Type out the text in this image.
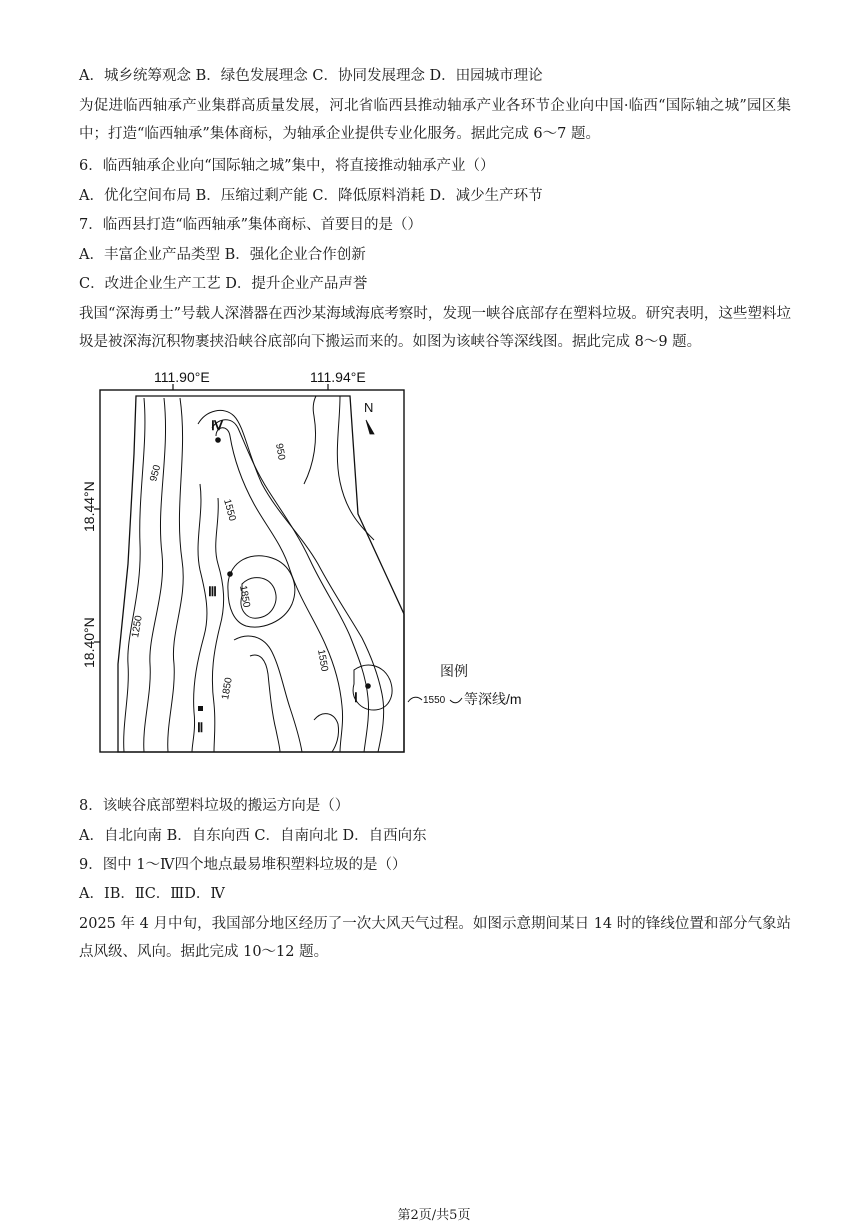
A．城乡统筹观念 B．绿色发展理念 C．协同发展理念 D．田园城市理论
为促进临西轴承产业集群高质量发展，河北省临西县推动轴承产业各环节企业向中国·临西“国际轴之城”园区集中；打造“临西轴承”集体商标，为轴承企业提供专业化服务。据此完成 6～7 题。
6．临西轴承企业向“国际轴之城”集中，将直接推动轴承产业（）
A．优化空间布局 B．压缩过剩产能 C．降低原料消耗 D．减少生产环节
7．临西县打造“临西轴承”集体商标、首要目的是（）
A．丰富企业产品类型 B．强化企业合作创新
C．改进企业生产工艺 D．提升企业产品声誉
我国“深海勇士”号载人深潜器在西沙某海域海底考察时，发现一峡谷底部存在塑料垃圾。研究表明，这些塑料垃圾是被深海沉积物裹挟沿峡谷底部向下搬运而来的。如图为该峡谷等深线图。据此完成 8～9 题。
950
950
1550
1850
1250
1550
1850
111.90°E	111.94°E
18.44°N
18.40°N
N
Ⅳ
Ⅲ
Ⅰ
Ⅱ
图例
1550 等深线/m
8．该峡谷底部塑料垃圾的搬运方向是（）
A．自北向南 B．自东向西 C．自南向北 D．自西向东
9．图中 1～Ⅳ四个地点最易堆积塑料垃圾的是（）
A．ⅠB．ⅡC．ⅢD．Ⅳ
2025 年 4 月中旬，我国部分地区经历了一次大风天气过程。如图示意期间某日 14 时的锋线位置和部分气象站点风级、风向。据此完成 10～12 题。
第2页/共5页
